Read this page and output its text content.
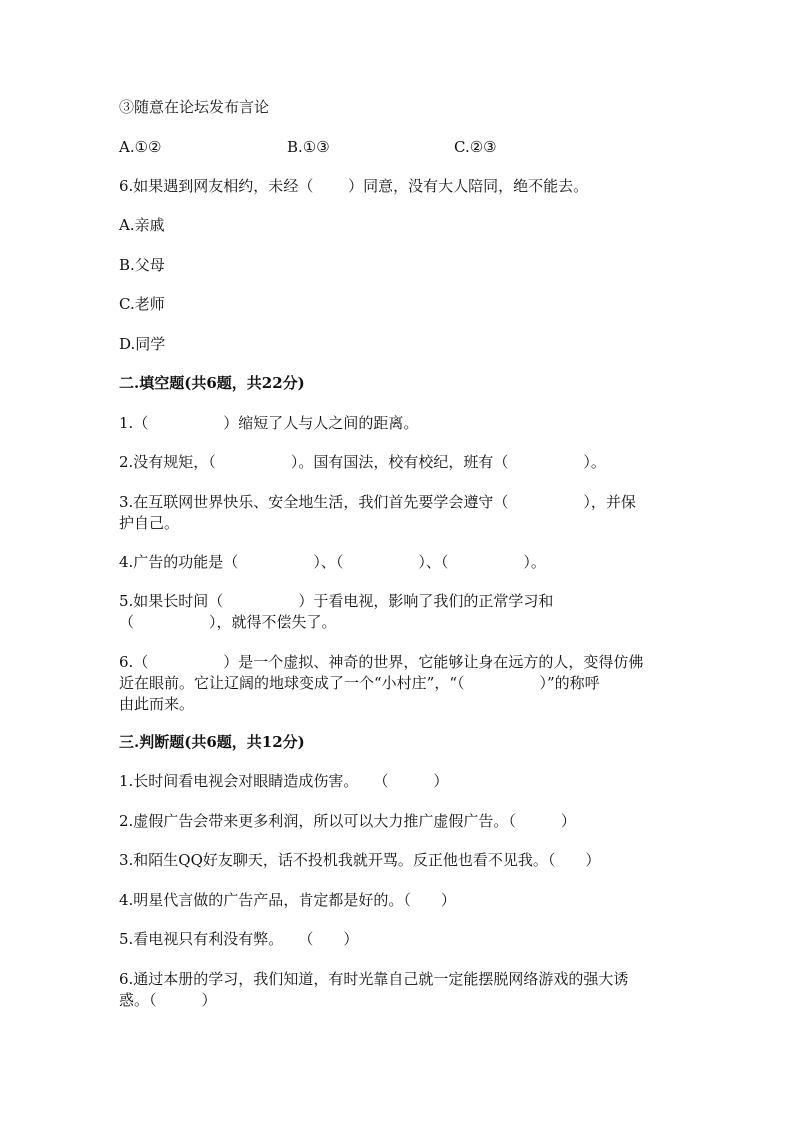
③随意在论坛发布言论

A.①②

	B.①③

	C.②③

6.如果遇到网友相约，未经（　　 ）同意，没有大人陪同，绝不能去。
A.亲戚
B.父母
C.老师
D.同学
二.填空题(共6题，共22分)
1.（　　　　　）缩短了人与人之间的距离。
2.没有规矩，（　　　　　）。国有国法，校有校纪，班有（　　　　　）。
3.在互联网世界快乐、安全地生活，我们首先要学会遵守（　　　　　），并保
护自己。
4.广告的功能是（　　　　　）、（　　　　　）、（　　　　　）。
5.如果长时间（　　　　　）于看电视，影响了我们的正常学习和
（　　　　　），就得不偿失了。
6.（　　　　　）是一个虚拟、神奇的世界，它能够让身在远方的人，变得仿佛
近在眼前。它让辽阔的地球变成了一个“小村庄”，“（　　　　　）”的称呼
由此而来。
三.判断题(共6题，共12分)
1.长时间看电视会对眼睛造成伤害。　　（　　　）
2.虚假广告会带来更多利润，所以可以大力推广虚假广告。（　　　）
3.和陌生QQ好友聊天，话不投机我就开骂。反正他也看不见我。（　　）
4.明星代言做的广告产品，肯定都是好的。（　　）
5.看电视只有利没有弊。　　（　　）
6.通过本册的学习，我们知道，有时光靠自己就一定能摆脱网络游戏的强大诱
惑。（　　　）
